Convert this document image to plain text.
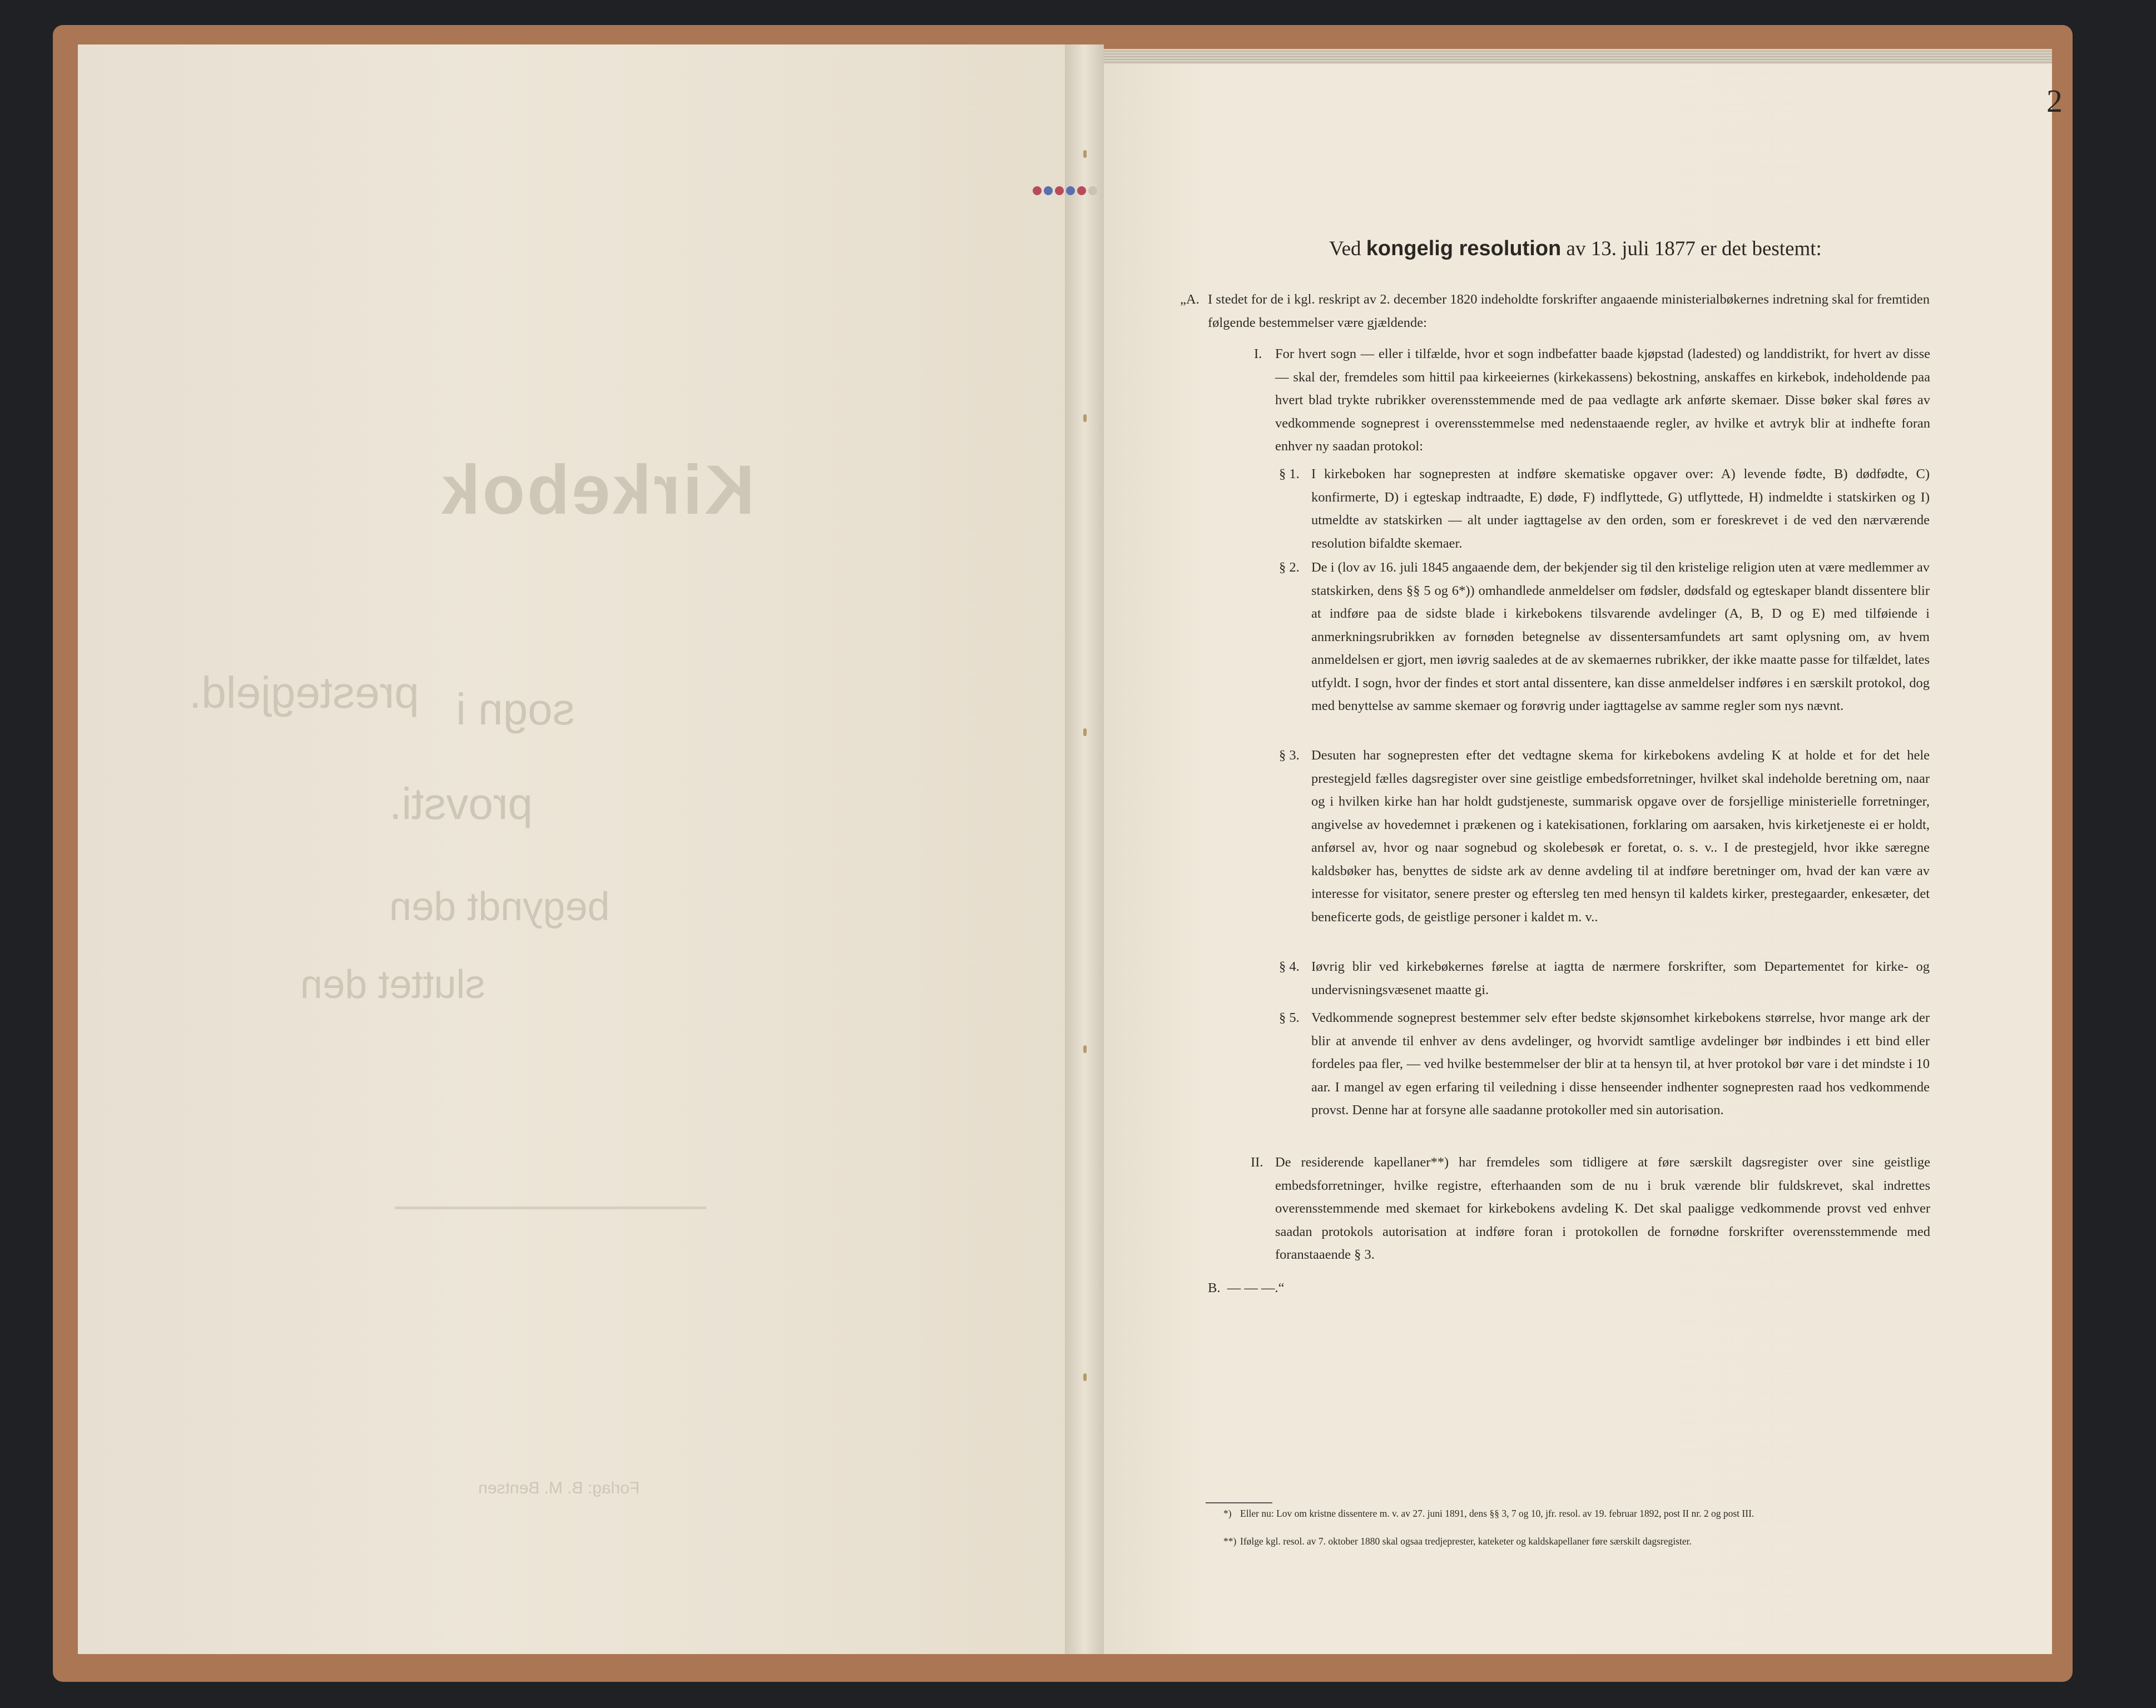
Kirkebok
prestegjeld. sogn i
provsti.
begyndt den
sluttet den
Forlag: B. M. Bentsen
2
Ved kongelig resolution av 13. juli 1877 er det bestemt:
„A. I stedet for de i kgl. reskript av 2. december 1820 indeholdte forskrifter angaaende ministerialbøkernes indretning skal for fremtiden følgende bestemmelser være gjældende:
I. For hvert sogn — eller i tilfælde, hvor et sogn indbefatter baade kjøpstad (ladested) og landdistrikt, for hvert av disse — skal der, fremdeles som hittil paa kirkeeiernes (kirkekassens) bekostning, anskaffes en kirkebok, indeholdende paa hvert blad trykte rubrikker overensstemmende med de paa vedlagte ark anførte skemaer. Disse bøker skal føres av vedkommende sogneprest i overensstemmelse med nedenstaaende regler, av hvilke et avtryk blir at indhefte foran enhver ny saadan protokol:
§ 1. I kirkeboken har sognepresten at indføre skematiske opgaver over: A) levende fødte, B) dødfødte, C) konfirmerte, D) i egteskap indtraadte, E) døde, F) indflyttede, G) utflyttede, H) indmeldte i statskirken og I) utmeldte av statskirken — alt under iagttagelse av den orden, som er foreskrevet i de ved den nærværende resolution bifaldte skemaer.
§ 2. De i (lov av 16. juli 1845 angaaende dem, der bekjender sig til den kristelige religion uten at være medlemmer av statskirken, dens §§ 5 og 6*)) omhandlede anmeldelser om fødsler, dødsfald og egteskaper blandt dissentere blir at indføre paa de sidste blade i kirkebokens tilsvarende avdelinger (A, B, D og E) med tilføiende i anmerkningsrubrikken av fornøden betegnelse av dissentersamfundets art samt oplysning om, av hvem anmeldelsen er gjort, men iøvrig saaledes at de av skemaernes rubrikker, der ikke maatte passe for tilfældet, lates utfyldt. I sogn, hvor der findes et stort antal dissentere, kan disse anmeldelser indføres i en særskilt protokol, dog med benyttelse av samme skemaer og forøvrig under iagttagelse av samme regler som nys nævnt.
§ 3. Desuten har sognepresten efter det vedtagne skema for kirkebokens avdeling K at holde et for det hele prestegjeld fælles dagsregister over sine geistlige embedsforretninger, hvilket skal indeholde beretning om, naar og i hvilken kirke han har holdt gudstjeneste, summarisk opgave over de forsjellige ministerielle forretninger, angivelse av hovedemnet i prækenen og i katekisationen, forklaring om aarsaken, hvis kirketjeneste ei er holdt, anførsel av, hvor og naar sognebud og skolebesøk er foretat, o. s. v.. I de prestegjeld, hvor ikke særegne kaldsbøker has, benyttes de sidste ark av denne avdeling til at indføre beretninger om, hvad der kan være av interesse for visitator, senere prester og eftersleg ten med hensyn til kaldets kirker, prestegaarder, enkesæter, det beneficerte gods, de geistlige personer i kaldet m. v..
§ 4. Iøvrig blir ved kirkebøkernes førelse at iagtta de nærmere forskrifter, som Departementet for kirke- og undervisningsvæsenet maatte gi.
§ 5. Vedkommende sogneprest bestemmer selv efter bedste skjønsomhet kirkebokens størrelse, hvor mange ark der blir at anvende til enhver av dens avdelinger, og hvorvidt samtlige avdelinger bør indbindes i ett bind eller fordeles paa fler, — ved hvilke bestemmelser der blir at ta hensyn til, at hver protokol bør vare i det mindste i 10 aar. I mangel av egen erfaring til veiledning i disse henseender indhenter sognepresten raad hos vedkommende provst. Denne har at forsyne alle saadanne protokoller med sin autorisation.
II. De residerende kapellaner**) har fremdeles som tidligere at føre særskilt dagsregister over sine geistlige embedsforretninger, hvilke registre, efterhaanden som de nu i bruk værende blir fuldskrevet, skal indrettes overensstemmende med skemaet for kirkebokens avdeling K. Det skal paaligge vedkommende provst ved enhver saadan protokols autorisation at indføre foran i protokollen de fornødne forskrifter overensstemmende med foranstaaende § 3.
B. — — —.“
*) Eller nu: Lov om kristne dissentere m. v. av 27. juni 1891, dens §§ 3, 7 og 10, jfr. resol. av 19. februar 1892, post II nr. 2 og post III.
**) Ifølge kgl. resol. av 7. oktober 1880 skal ogsaa tredjeprester, kateketer og kaldskapellaner føre særskilt dagsregister.
